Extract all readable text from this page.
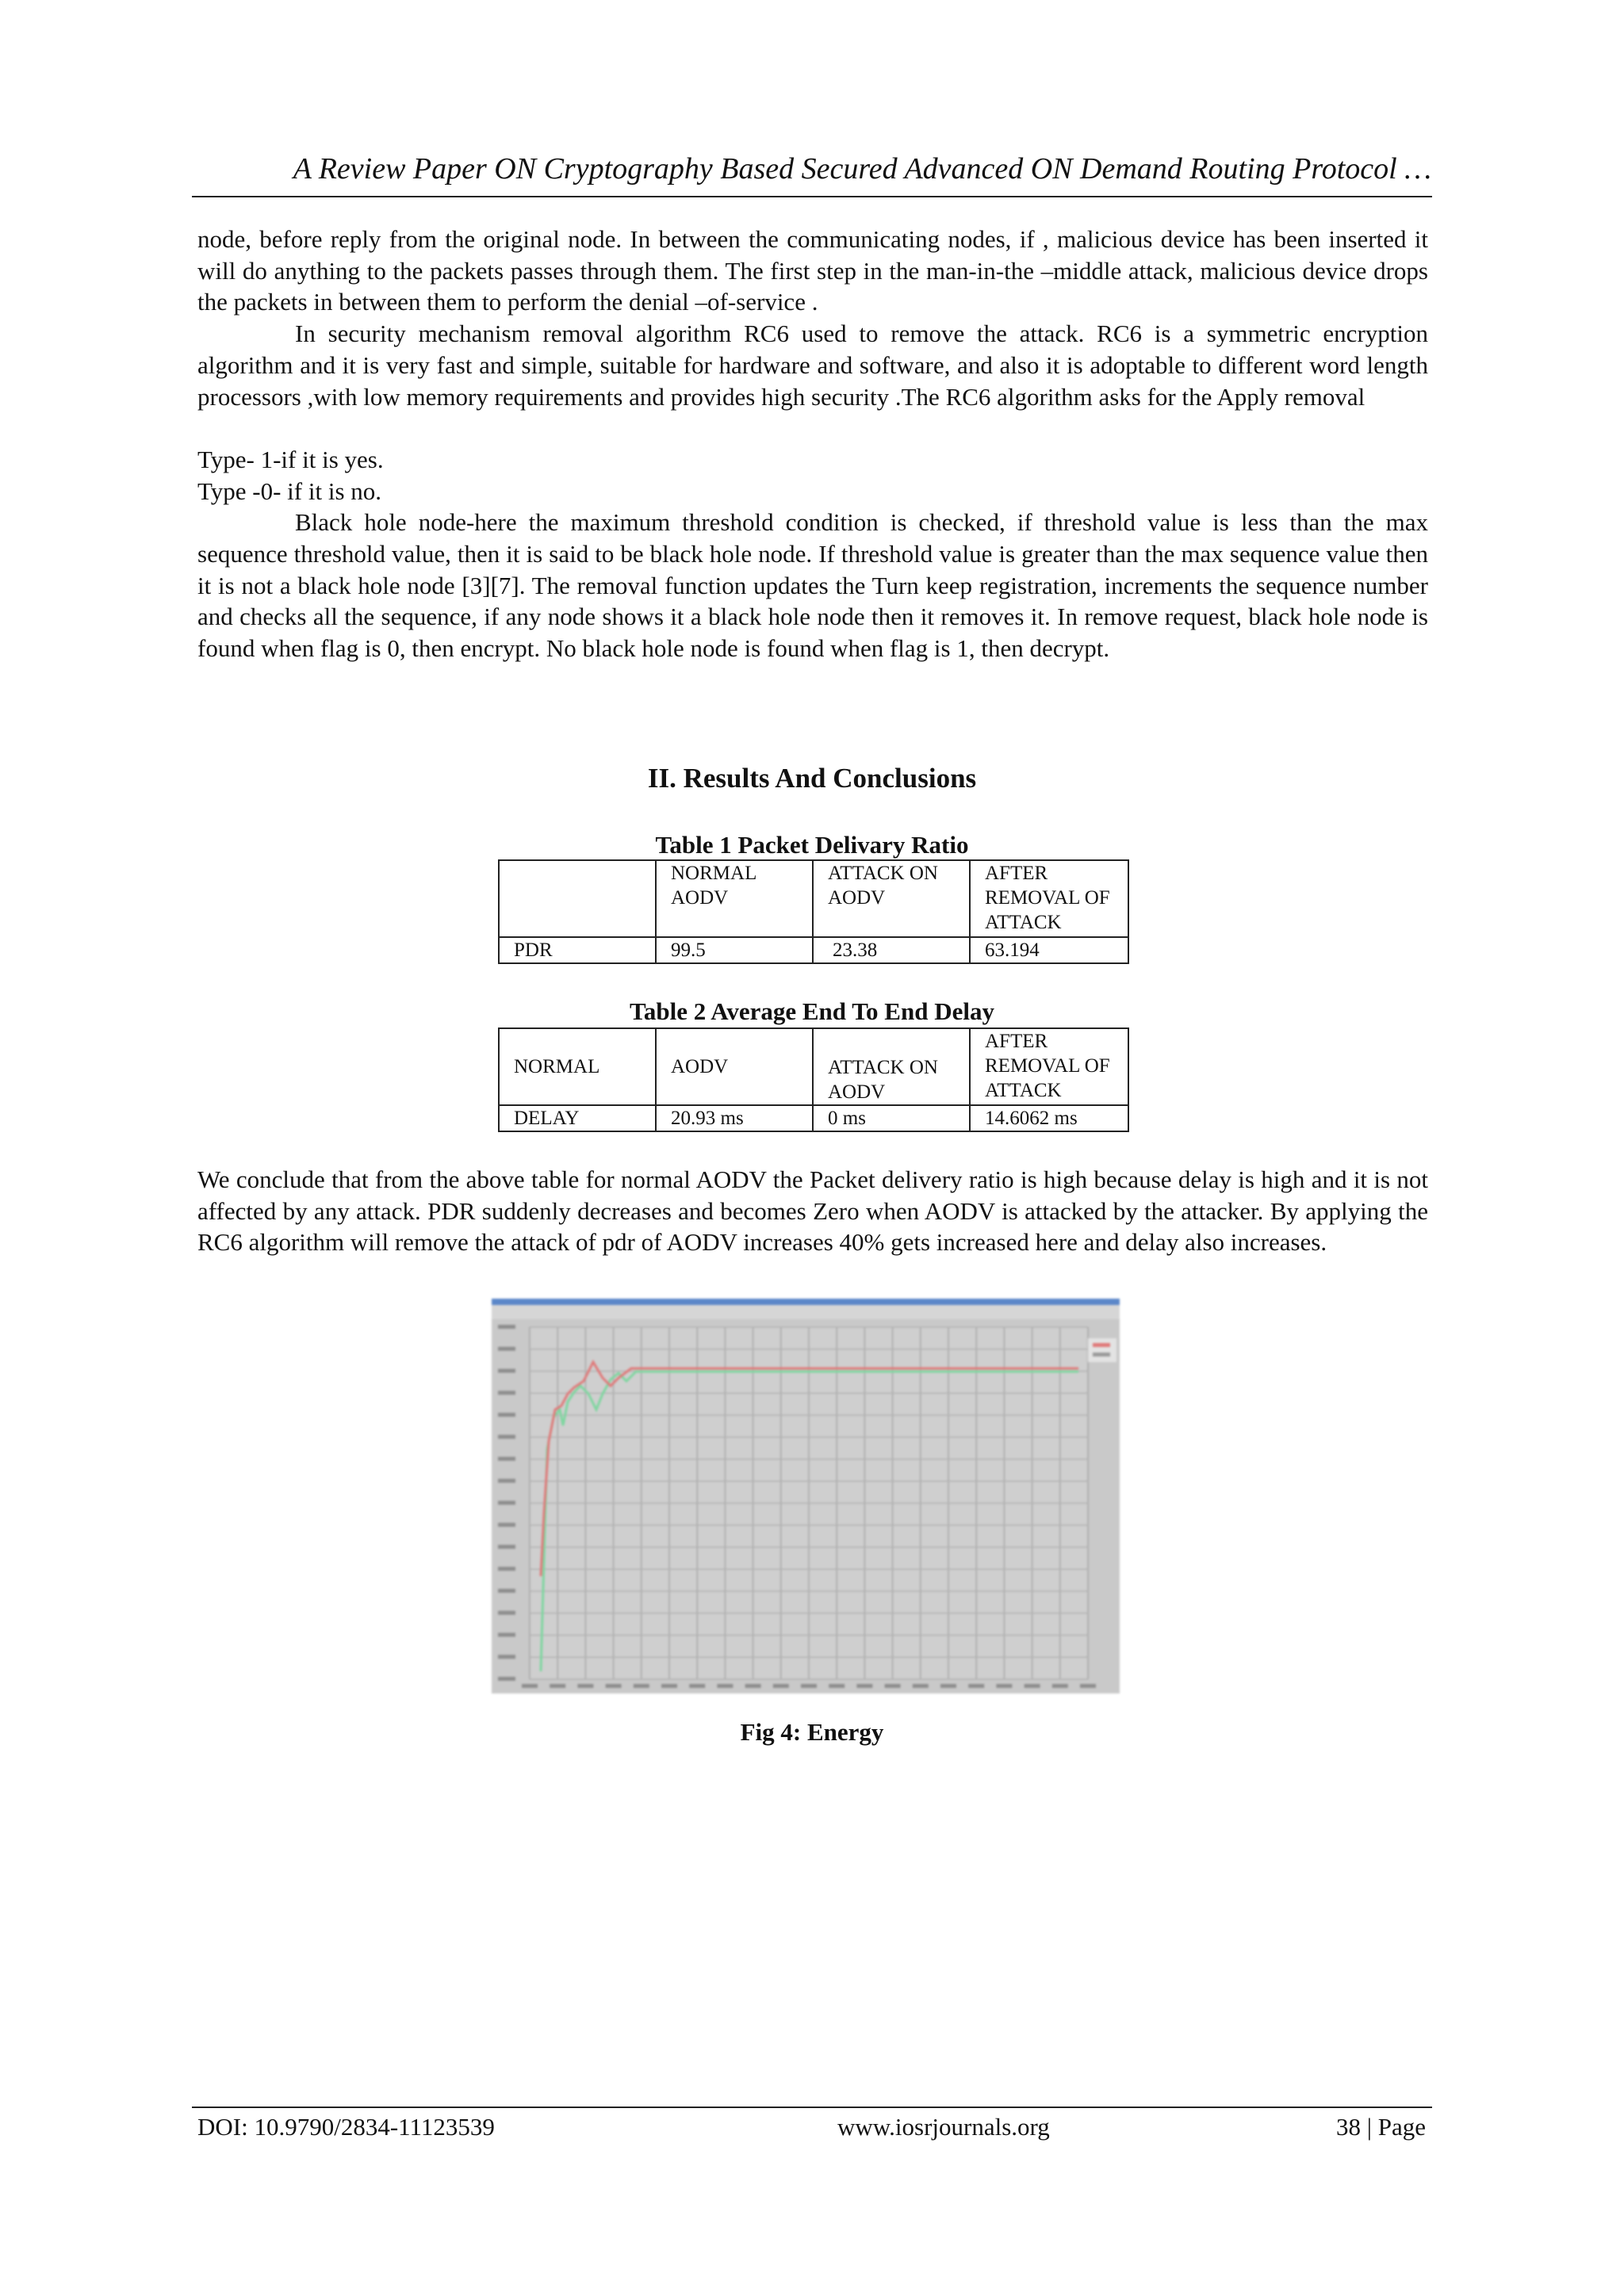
A Review Paper ON Cryptography Based Secured Advanced ON Demand Routing Protocol …

node, before reply from the original node. In between the communicating nodes, if , malicious device has been inserted it will do anything to the packets passes through them. The first step in the man-in-the –middle attack, malicious device drops the packets in between them to perform the denial –of-service .

In security mechanism removal algorithm RC6 used to remove the attack. RC6 is a symmetric encryption algorithm and it is very fast and simple, suitable for hardware and software, and also it is adoptable to different word length processors ,with low memory requirements and provides high security .The RC6 algorithm asks for the Apply removal

Type- 1-if it is yes.

Type -0- if it is no.

Black hole node-here the maximum threshold condition is checked, if threshold value is less than the max sequence threshold value, then it is said to be black hole node. If threshold value is greater than the max sequence value then it is not a black hole node [3][7]. The removal function updates the Turn keep registration, increments the sequence number and checks all the sequence, if any node shows it a black hole node then it removes it. In remove request, black hole node is found when flag is 0, then encrypt. No black hole node is found when flag is 1, then decrypt.

II. Results And Conclusions
Table 1 Packet Delivary Ratio
	NORMAL AODV	ATTACK ON AODV	AFTER REMOVAL OF ATTACK
PDR	99.5	23.38	63.194
Table 2 Average End To End Delay
NORMAL	AODV	ATTACK ON AODV	AFTER REMOVAL OF ATTACK
DELAY	20.93 ms	0 ms	14.6062 ms
We conclude that from the above table for normal AODV the Packet delivery ratio is high because delay is high and it is not affected by any attack. PDR suddenly decreases and becomes Zero when AODV is attacked by the attacker. By applying the RC6 algorithm will remove the attack of pdr of AODV increases 40% gets increased here and delay also increases.
Fig 4: Energy
DOI: 10.9790/2834-11123539	www.iosrjournals.org	38 | Page
